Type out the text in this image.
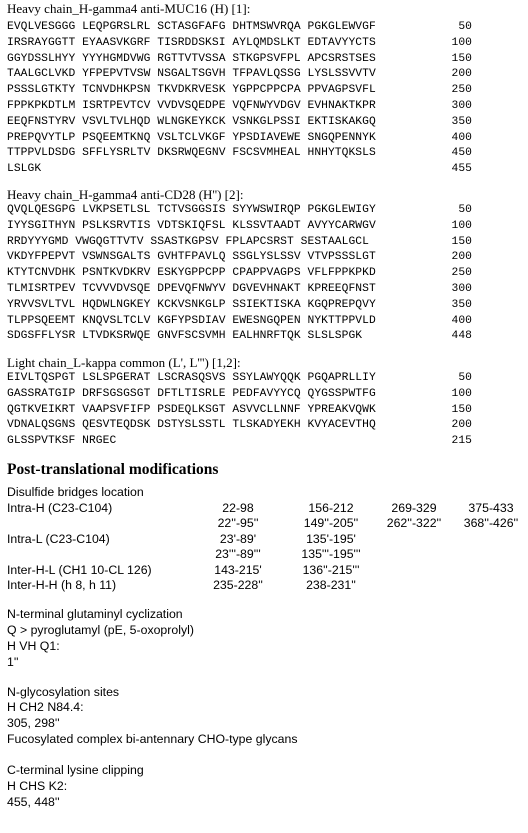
Heavy chain_H-gamma4 anti-MUC16 (H) [1]:
EVQLVESGGG LEQPGRSLRL SCTASGFAFG DHTMSWVRQA PGKGLEWVGF	50
IRSRAYGGTT EYAASVKGRF TISRDDSKSI AYLQMDSLKT EDTAVYYCTS	100
GGYDSSLHYY YYYHGMDVWG RGTTVTVSSA STKGPSVFPL APCSRSTSES	150
TAALGCLVKD YFPEPVTVSW NSGALTSGVH TFPAVLQSSG LYSLSSVVTV	200
PSSSLGTKTY TCNVDHKPSN TKVDKRVESK YGPPCPPCPA PPVAGPSVFL	250
FPPKPKDTLM ISRTPEVTCV VVDVSQEDPE VQFNWYVDGV EVHNAKTKPR	300
EEQFNSTYRV VSVLTVLHQD WLNGKEYKCK VSNKGLPSSI EKTISKAKGQ	350
PREPQVYTLP PSQEEMTKNQ VSLTCLVKGF YPSDIAVEWE SNGQPENNYK	400
TTPPVLDSDG SFFLYSRLTV DKSRWQEGNV FSCSVMHEAL HNHYTQKSLS	450
LSLGK	455
Heavy chain_H-gamma4 anti-CD28 (H'') [2]:
QVQLQESGPG LVKPSETLSL TCTVSGGSIS SYYWSWIRQP PGKGLEWIGY	50
IYYSGITHYN PSLKSRVTIS VDTSKIQFSL KLSSVTAADT AVYYCARWGV	100
RRDYYYGMD VWGQGTTVTV SSASTKGPSV FPLAPCSRST SESTAALGCL	150
VKDYFPEPVT VSWNSGALTS GVHTFPAVLQ SSGLYSLSSV VTVPSSSLGT	200
KTYTCNVDHK PSNTKVDKRV ESKYGPPCPP CPAPPVAGPS VFLFPPKPKD	250
TLMISRTPEV TCVVVDVSQE DPEVQFNWYV DGVEVHNAKT KPREEQFNST	300
YRVVSVLTVL HQDWLNGKEY KCKVSNKGLP SSIEKTISKA KGQPREPQVY	350
TLPPSQEEMT KNQVSLTCLV KGFYPSDIAV EWESNGQPEN NYKTTPPVLD	400
SDGSFFLYSR LTVDKSRWQE GNVFSCSVMH EALHNRFTQK SLSLSPGK	448
Light chain_L-kappa common (L', L''') [1,2]:
EIVLTQSPGT LSLSPGERAT LSCRASQSVS SSYLAWYQQK PGQAPRLLIY	50
GASSRATGIP DRFSGSGSGT DFTLTISRLE PEDFAVYYCQ QYGSSPWTFG	100
QGTKVEIKRT VAAPSVFIFP PSDEQLKSGT ASVVCLLNNF YPREAKVQWK	150
VDNALQSGNS QESVTEQDSK DSTYSLSSTL TLSKADYEKH KVYACEVTHQ	200
GLSSPVTKSF NRGEC	215
Post-translational modifications
Disulfide bridges location
Intra-H (C23-C104)	22-98	156-212	269-329	375-433
22''-95''	149''-205''	262''-322''	368''-426''
Intra-L (C23-C104)	23'-89'	135'-195'
23'''-89'''	135'''-195'''
Inter-H-L (CH1 10-CL 126)	143-215'	136''-215'''
Inter-H-H (h 8, h 11)	235-228''	238-231''
N-terminal glutaminyl cyclization
Q > pyroglutamyl (pE, 5-oxoprolyl)
H VH Q1:
1''
N-glycosylation sites
H CH2 N84.4:
305, 298''
Fucosylated complex bi-antennary CHO-type glycans
C-terminal lysine clipping
H CHS K2:
455, 448''
